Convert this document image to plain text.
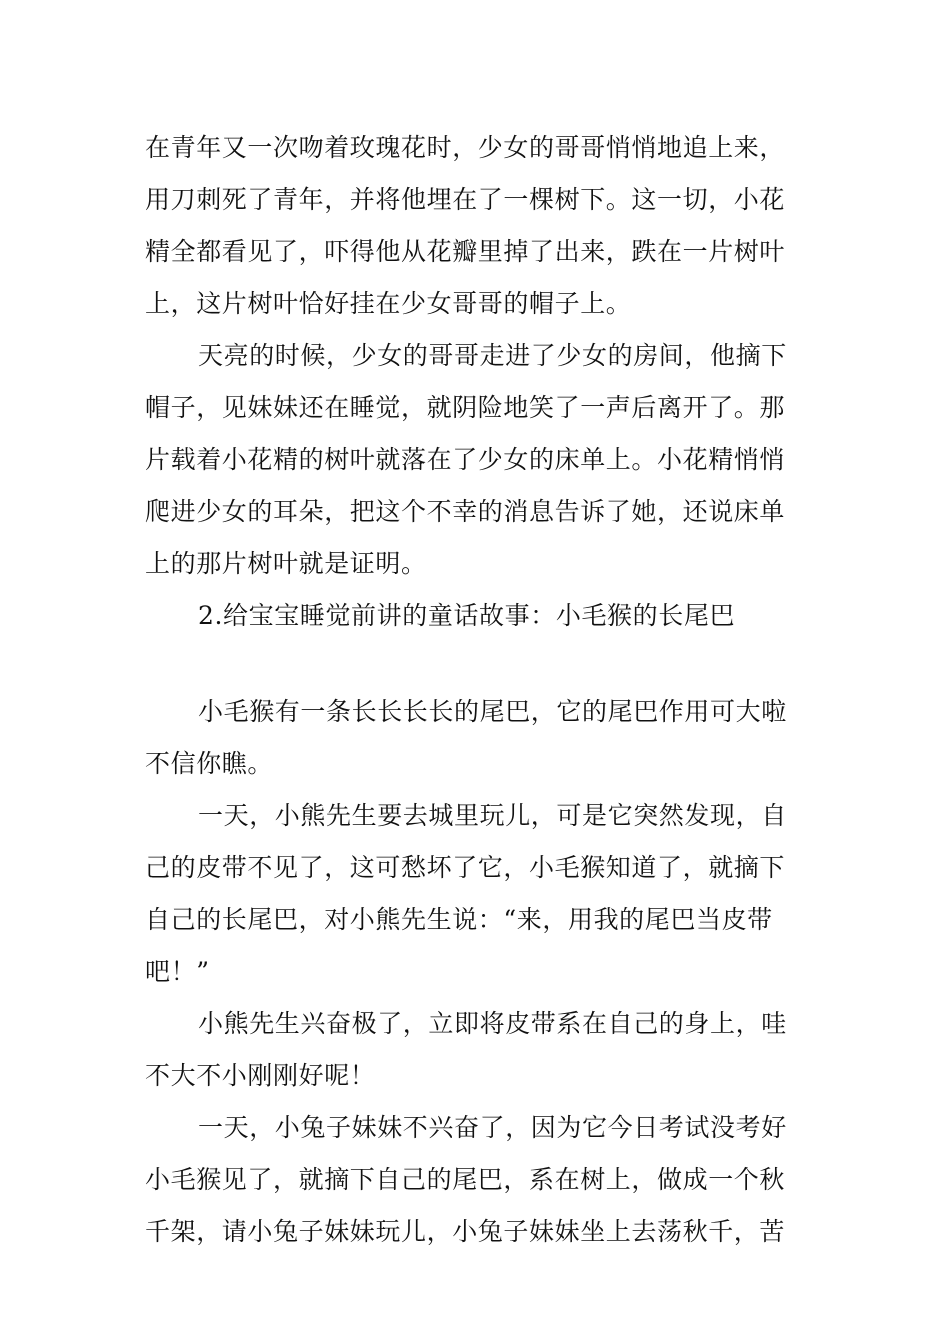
在青年又一次吻着玫瑰花时，少女的哥哥悄悄地追上来，
用刀刺死了青年，并将他埋在了一棵树下。这一切，小花
精全都看见了，吓得他从花瓣里掉了出来，跌在一片树叶
上，这片树叶恰好挂在少女哥哥的帽子上。
天亮的时候，少女的哥哥走进了少女的房间，他摘下
帽子，见妹妹还在睡觉，就阴险地笑了一声后离开了。那
片载着小花精的树叶就落在了少女的床单上。小花精悄悄
爬进少女的耳朵，把这个不幸的消息告诉了她，还说床单
上的那片树叶就是证明。
2.给宝宝睡觉前讲的童话故事：小毛猴的长尾巴
小毛猴有一条长长长长的尾巴，它的尾巴作用可大啦
不信你瞧。
一天，小熊先生要去城里玩儿，可是它突然发现，自
己的皮带不见了，这可愁坏了它，小毛猴知道了，就摘下
自己的长尾巴，对小熊先生说：“来，用我的尾巴当皮带
吧！”
小熊先生兴奋极了，立即将皮带系在自己的身上，哇
不大不小刚刚好呢！
一天，小兔子妹妹不兴奋了，因为它今日考试没考好
小毛猴见了，就摘下自己的尾巴，系在树上，做成一个秋
千架，请小兔子妹妹玩儿，小兔子妹妹坐上去荡秋千，苦
